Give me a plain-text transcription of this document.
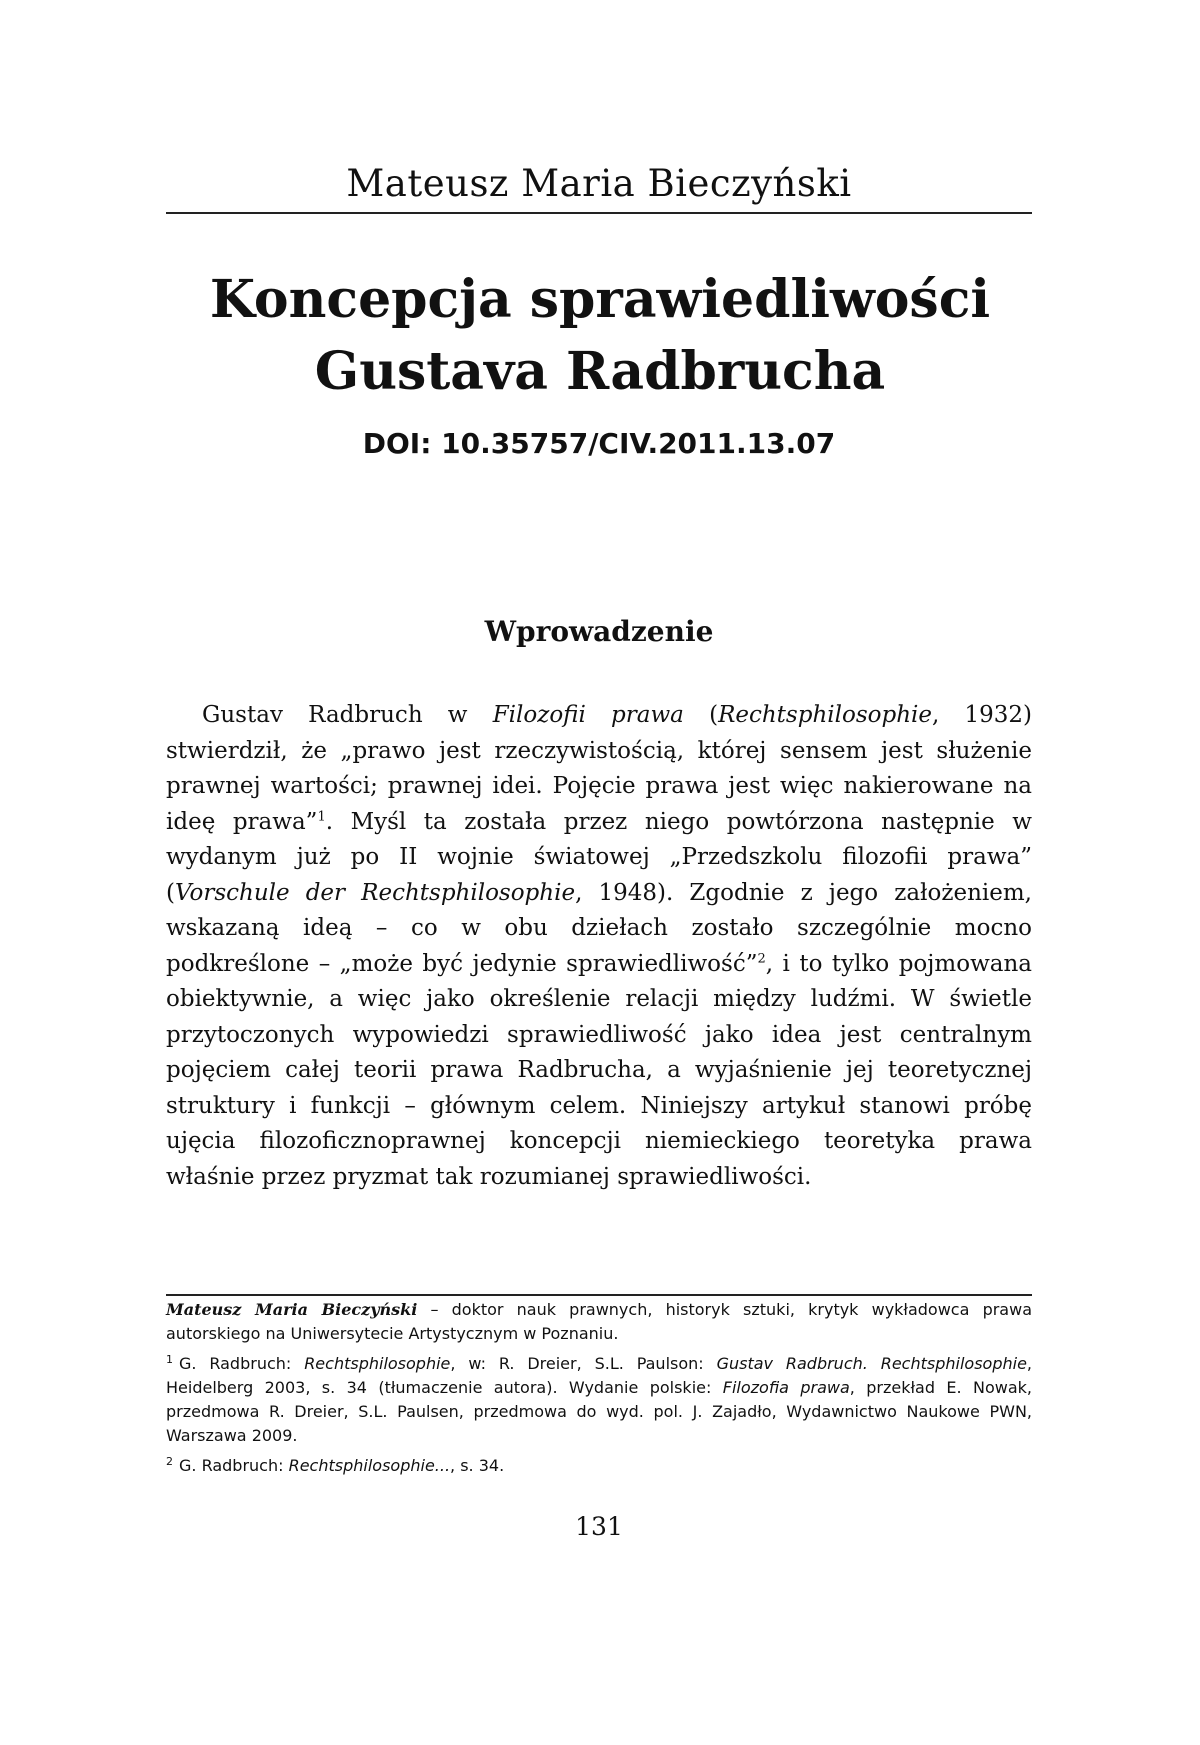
Mateusz Maria Bieczyński
Koncepcja sprawiedliwości
Gustava Radbrucha
DOI: 10.35757/CIV.2011.13.07
Wprowadzenie

Gustav Radbruch w Filozofii prawa (Rechtsphilosophie, 1932) stwierdził, że „prawo jest rzeczywistością, której sensem jest służenie prawnej wartości; prawnej idei. Pojęcie prawa jest więc nakierowane na ideę prawa”$^1$. Myśl ta została przez niego powtórzona następnie w wydanym już po II wojnie światowej „Przedszkolu filozofii prawa” (Vorschule der Rechtsphilosophie, 1948). Zgodnie z jego założeniem, wskazaną ideą – co w obu dziełach zostało szczególnie mocno podkreślone – „może być jedynie sprawiedliwość”$^2$, i to tylko pojmowana obiektywnie, a więc jako określenie relacji między ludźmi. W świetle przytoczonych wypowiedzi sprawiedliwość jako idea jest centralnym pojęciem całej teorii prawa Radbrucha, a wyjaśnienie jej teoretycznej struktury i funkcji – głównym celem. Niniejszy artykuł stanowi próbę ujęcia filozoficznoprawnej koncepcji niemieckiego teoretyka prawa właśnie przez pryzmat tak rozumianej sprawiedliwości.

Mateusz Maria Bieczyński – doktor nauk prawnych, historyk sztuki, krytyk wykładowca prawa autorskiego na Uniwersytecie Artystycznym w Poznaniu.

$^1$ G. Radbruch: Rechtsphilosophie, w: R. Dreier, S.L. Paulson: Gustav Radbruch. Rechtsphilosophie, Heidelberg 2003, s. 34 (tłumaczenie autora). Wydanie polskie: Filozofia prawa, przekład E. Nowak, przedmowa R. Dreier, S.L. Paulsen, przedmowa do wyd. pol. J. Zajadło, Wydawnictwo Naukowe PWN, Warszawa 2009.

$^2$ G. Radbruch: Rechtsphilosophie..., s. 34.

131
